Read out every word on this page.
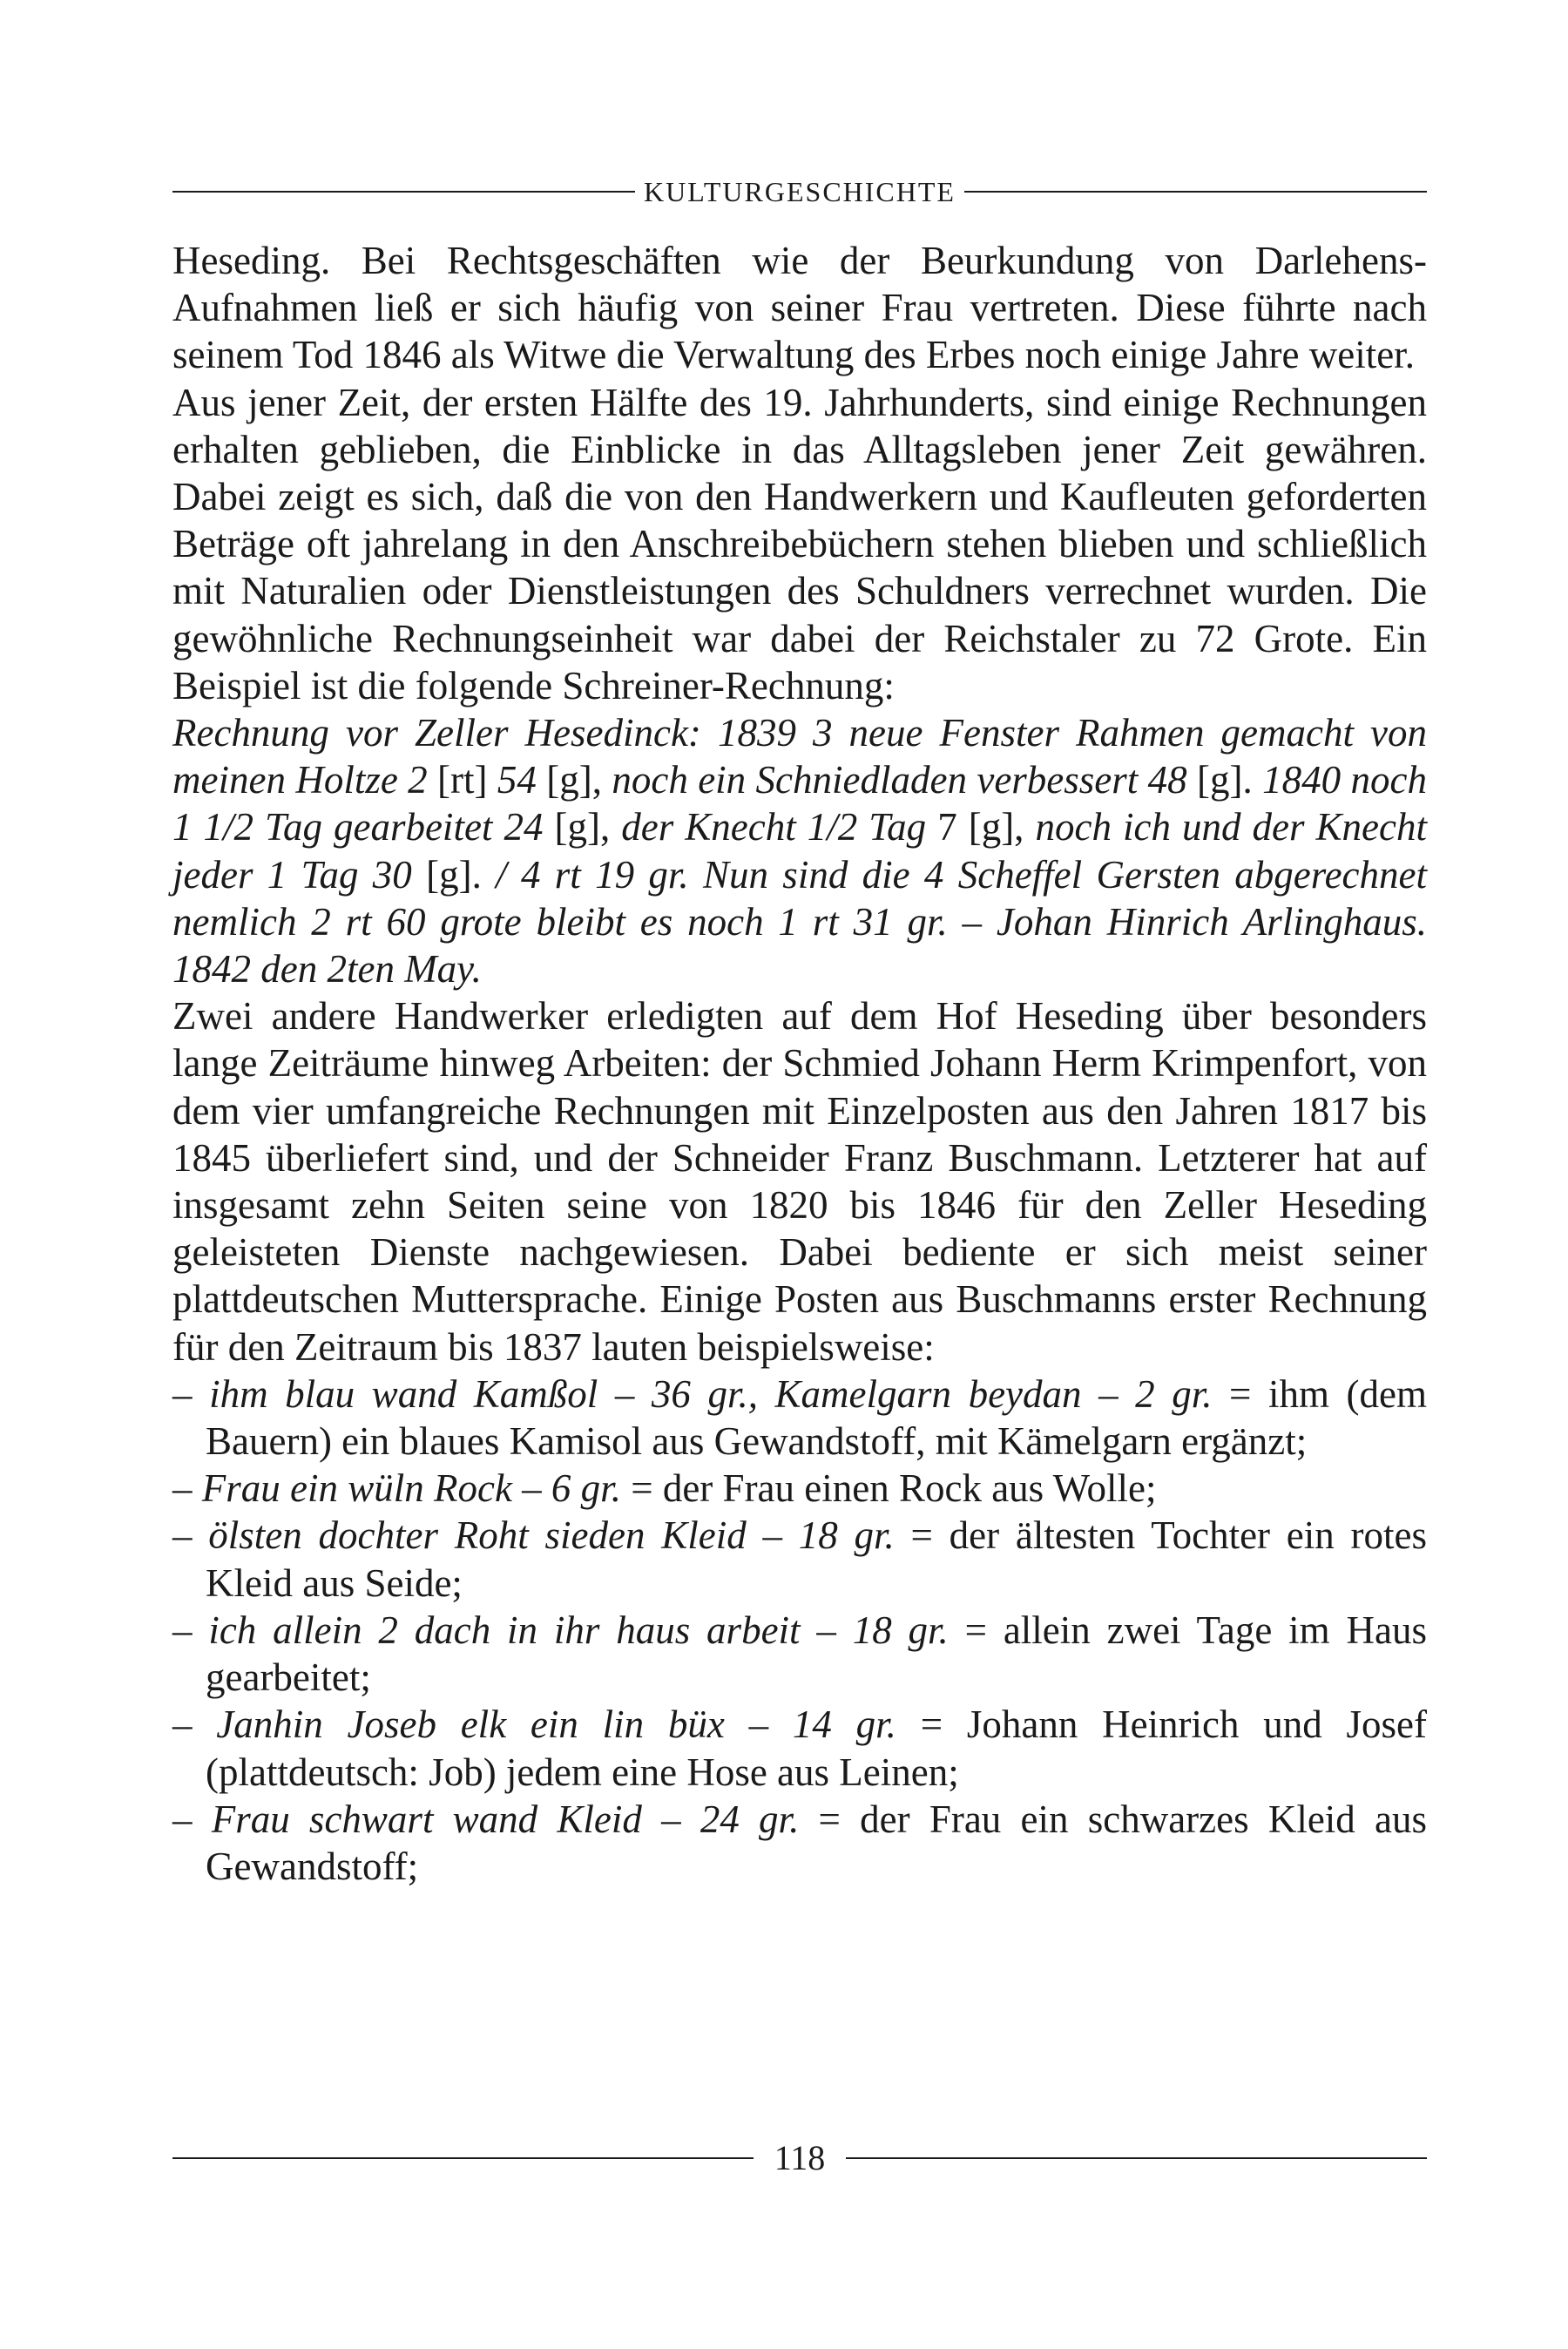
KULTURGESCHICHTE

Heseding. Bei Rechtsgeschäften wie der Beurkundung von Darlehens-Aufnahmen ließ er sich häufig von seiner Frau vertreten. Diese führte nach seinem Tod 1846 als Witwe die Verwaltung des Erbes noch einige Jahre weiter.

Aus jener Zeit, der ersten Hälfte des 19. Jahrhunderts, sind einige Rechnungen erhalten geblieben, die Einblicke in das Alltagsleben jener Zeit gewähren. Dabei zeigt es sich, daß die von den Handwerkern und Kaufleuten geforderten Beträge oft jahrelang in den Anschreibebüchern stehen blieben und schließlich mit Naturalien oder Dienstleistungen des Schuldners verrechnet wurden. Die gewöhnliche Rechnungseinheit war dabei der Reichstaler zu 72 Grote. Ein Beispiel ist die folgende Schreiner-Rechnung:

Rechnung vor Zeller Hesedinck: 1839 3 neue Fenster Rahmen gemacht von meinen Holtze 2 [rt] 54 [g], noch ein Schniedladen verbessert 48 [g]. 1840 noch 1 1/2 Tag gearbeitet 24 [g], der Knecht 1/2 Tag 7 [g], noch ich und der Knecht jeder 1 Tag 30 [g]. / 4 rt 19 gr. Nun sind die 4 Scheffel Gersten abgerechnet nemlich 2 rt 60 grote bleibt es noch 1 rt 31 gr. – Johan Hinrich Arlinghaus. 1842 den 2ten May.

Zwei andere Handwerker erledigten auf dem Hof Heseding über besonders lange Zeiträume hinweg Arbeiten: der Schmied Johann Herm Krimpenfort, von dem vier umfangreiche Rechnungen mit Einzelposten aus den Jahren 1817 bis 1845 überliefert sind, und der Schneider Franz Buschmann. Letzterer hat auf insgesamt zehn Seiten seine von 1820 bis 1846 für den Zeller Heseding geleisteten Dienste nachgewiesen. Dabei bediente er sich meist seiner plattdeutschen Muttersprache. Einige Posten aus Buschmanns erster Rechnung für den Zeitraum bis 1837 lauten beispielsweise:

– ihm blau wand Kamßol – 36 gr., Kamelgarn beydan – 2 gr. = ihm (dem Bauern) ein blaues Kamisol aus Gewandstoff, mit Kämelgarn ergänzt;
– Frau ein wüln Rock – 6 gr. = der Frau einen Rock aus Wolle;
– ölsten dochter Roht sieden Kleid – 18 gr. = der ältesten Tochter ein rotes Kleid aus Seide;
– ich allein 2 dach in ihr haus arbeit – 18 gr. = allein zwei Tage im Haus gearbeitet;
– Janhin Joseb elk ein lin büx – 14 gr. = Johann Heinrich und Josef (plattdeutsch: Job) jedem eine Hose aus Leinen;
– Frau schwart wand Kleid – 24 gr. = der Frau ein schwarzes Kleid aus Gewandstoff;
118
